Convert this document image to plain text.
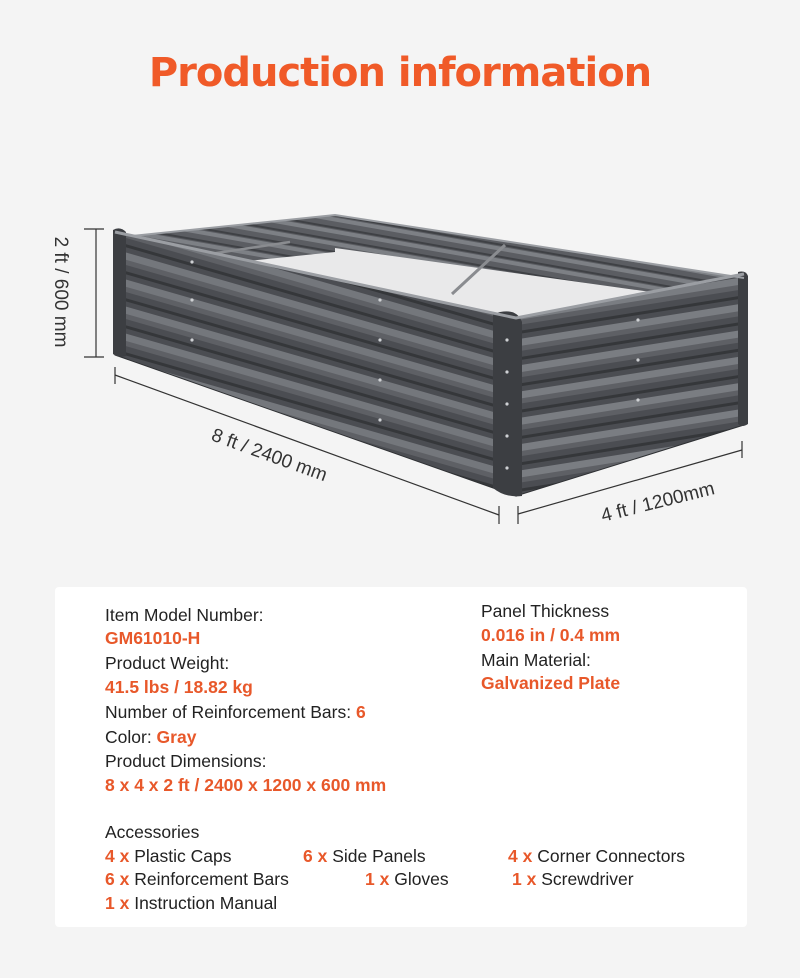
Production information
2 ft / 600 mm
8 ft / 2400 mm
4 ft / 1200mm
Item Model Number:
GM61010-H
Product Weight:
41.5 lbs / 18.82 kg
Number of Reinforcement Bars: 6
Color: Gray
Product Dimensions:
8 x 4 x 2 ft / 2400 x 1200 x 600 mm
Panel Thickness
0.016 in / 0.4 mm
Main Material:
Galvanized Plate
Accessories
4 x Plastic Caps	6 x Side Panels	4 x Corner Connectors
6 x Reinforcement Bars	1 x Gloves	1 x Screwdriver
1 x Instruction Manual
